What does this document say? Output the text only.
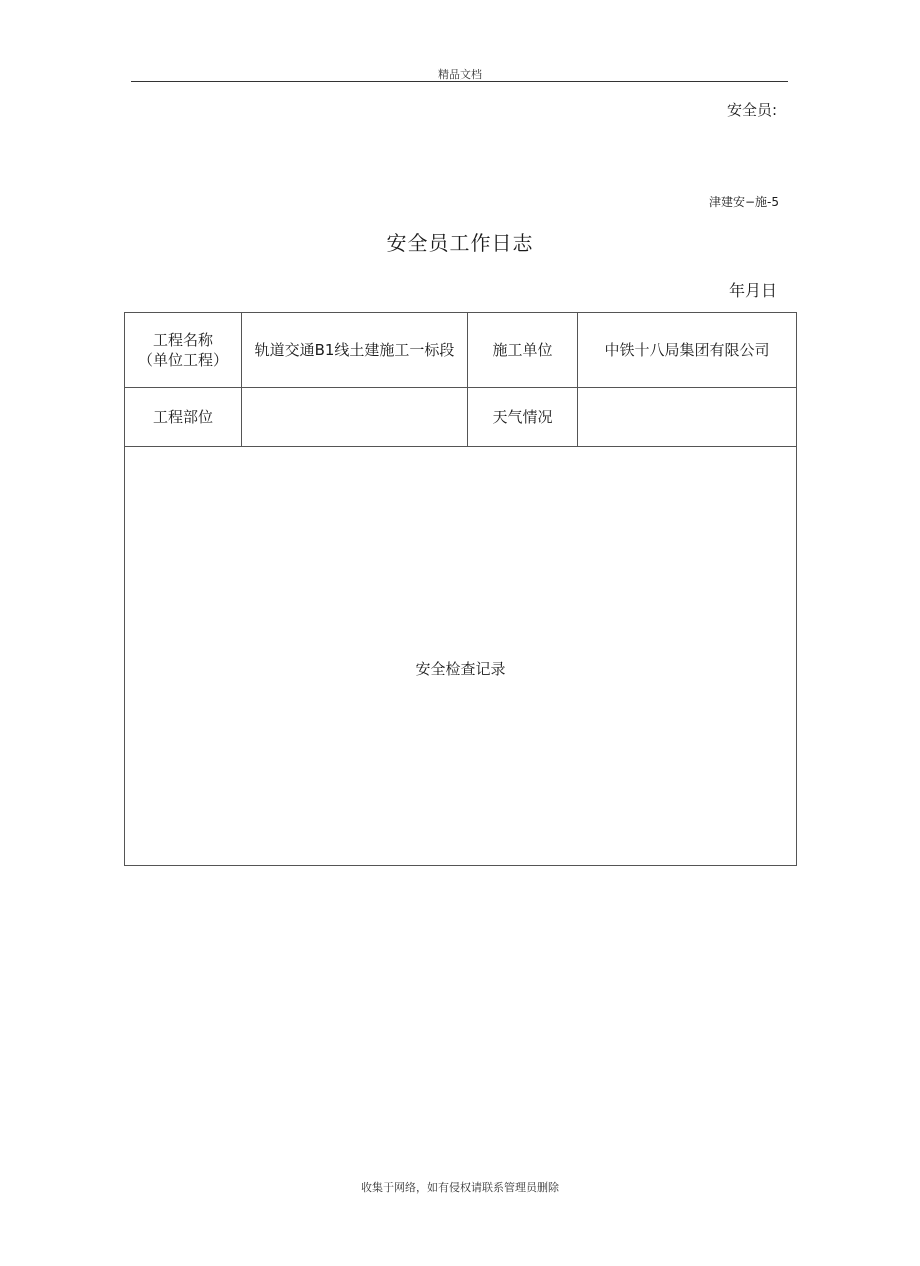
精品文档
安全员:
津建安−施-5
安全员工作日志
年月日
工程名称
（单位工程）	轨道交通B1线土建施工一标段	施工单位	中铁十八局集团有限公司
工程部位		天气情况	

安全检查记录			
收集于网络，如有侵权请联系管理员删除
